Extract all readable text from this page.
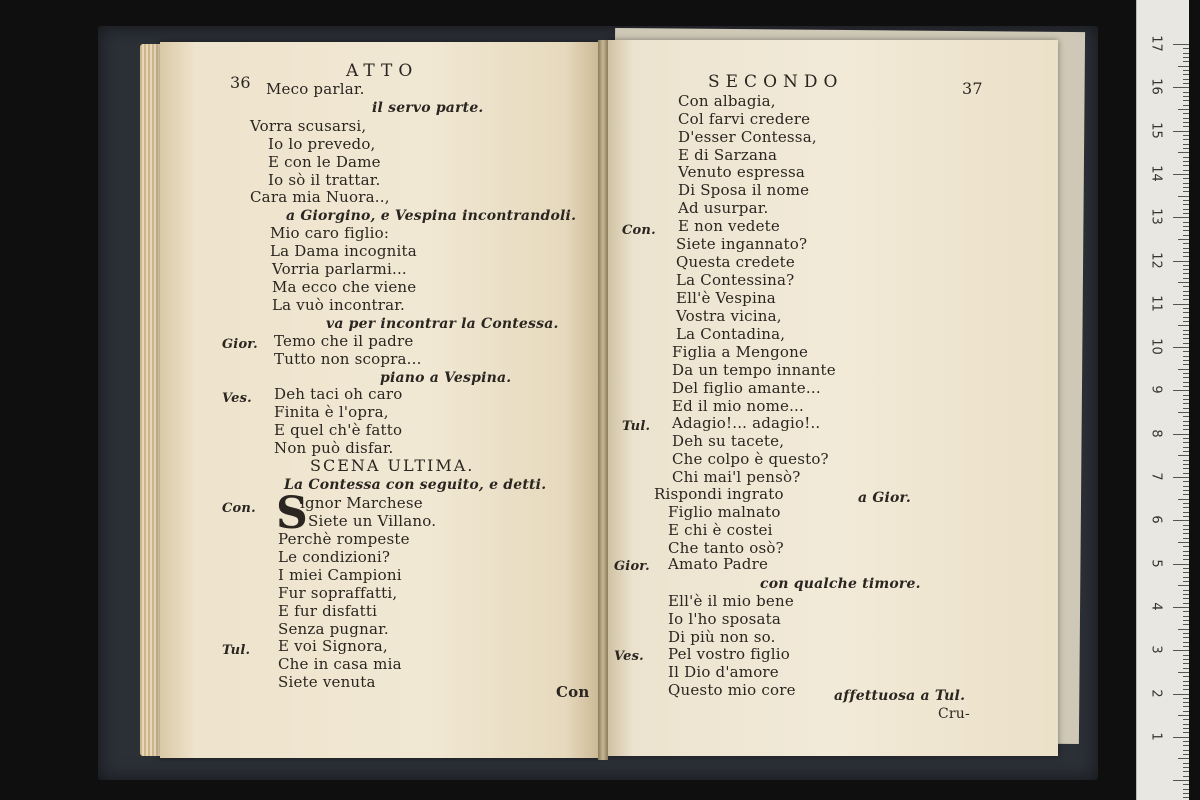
36
ATTO
Meco parlar.
il servo parte.
Vorra scusarsi,
Io lo prevedo,
E con le Dame
Io sò il trattar.
Cara mia Nuora..,
a Giorgino, e Vespina incontrandoli.
Mio caro figlio:
La Dama incognita
Vorria parlarmi...
Ma ecco che viene
La vuò incontrar.
va per incontrar la Contessa.
Gior. Temo che il padre
Tutto non scopra...
piano a Vespina.
Ves. Deh taci oh caro
Finita è l'opra,
E quel ch'è fatto
Non può disfar.
SCENA ULTIMA.
La Contessa con seguito, e detti.
Con. S
ignor Marchese
Siete un Villano.
Perchè rompeste
Le condizioni?
I miei Campioni
Fur sopraffatti,
E fur disfatti
Senza pugnar.
Tul. E voi Signora,
Che in casa mia
Siete venuta
Con
SECONDO	37
Con albagia,
Col farvi credere
D'esser Contessa,
E di Sarzana
Venuto espressa
Di Sposa il nome
Ad usurpar.
Con. E non vedete
Siete ingannato?
Questa credete
La Contessina?
Ell'è Vespina
Vostra vicina,
La Contadina,
Figlia a Mengone
Da un tempo innante
Del figlio amante...
Ed il mio nome...
Tul. Adagio!... adagio!..
Deh su tacete,
Che colpo è questo?
Chi mai'l pensò?
Rispondi ingrato	a Gior.
Figlio malnato
E chi è costei
Che tanto osò?
Gior. Amato Padre
con qualche timore.
Ell'è il mio bene
Io l'ho sposata
Di più non so.
Ves. Pel vostro figlio
Il Dio d'amore
Questo mio core	affettuosa a Tul.
Cru-
17
16
15
14
13
12
11
10
9
8
7
6
5
4
3
2
1
